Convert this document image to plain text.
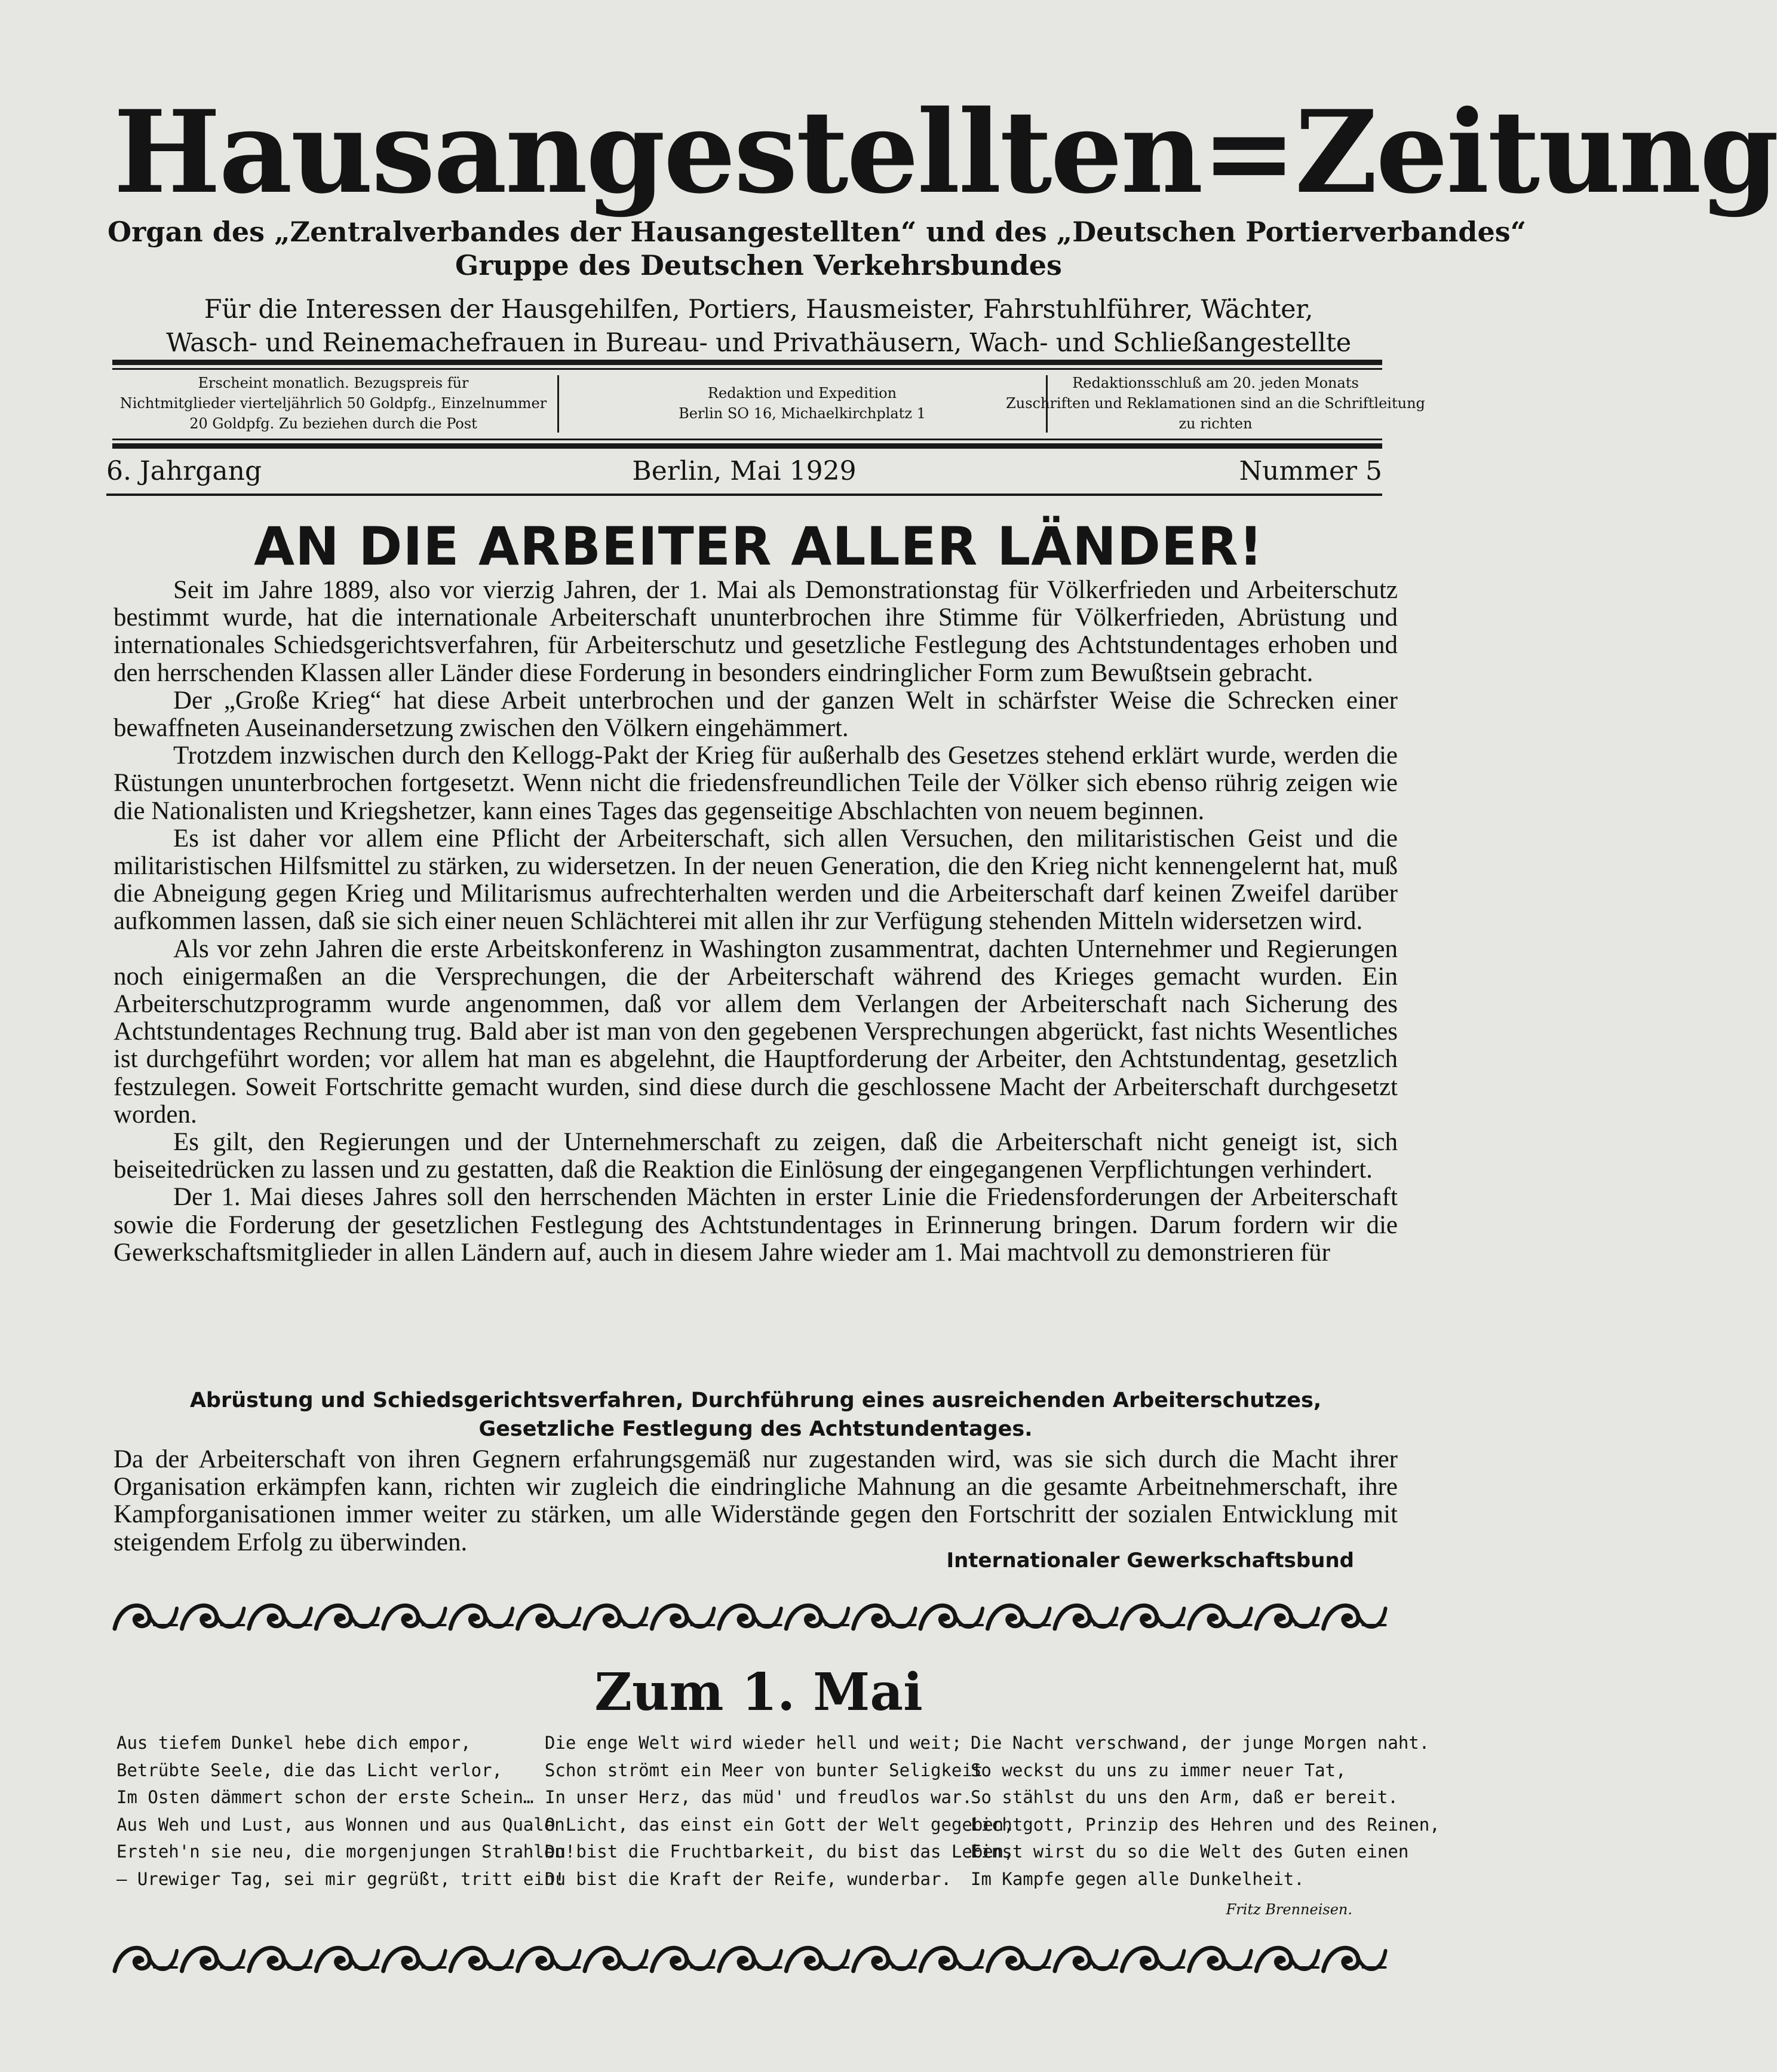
Hausangestellten=Zeitung
Organ des „Zentralverbandes der Hausangestellten“ und des „Deutschen Portierverbandes“
Gruppe des Deutschen Verkehrsbundes
Für die Interessen der Hausgehilfen, Portiers, Hausmeister, Fahrstuhlführer, Wächter,
Wasch- und Reinemachefrauen in Bureau- und Privathäusern, Wach- und Schließangestellte
Erscheint monatlich. Bezugspreis für
Nichtmitglieder vierteljährlich 50 Goldpfg., Einzelnummer
20 Goldpfg. Zu beziehen durch die Post
Redaktion und Expedition
Berlin SO 16, Michaelkirchplatz 1
Redaktionsschluß am 20. jeden Monats
Zuschriften und Reklamationen sind an die Schriftleitung
zu richten
6. Jahrgang	Berlin, Mai 1929	Nummer 5
AN DIE ARBEITER ALLER LÄNDER!

Seit im Jahre 1889, also vor vierzig Jahren, der 1. Mai als Demonstrationstag für Völkerfrieden und Arbeiterschutz bestimmt wurde, hat die internationale Arbeiterschaft ununterbrochen ihre Stimme für Völkerfrieden, Abrüstung und internationales Schiedsgerichtsverfahren, für Arbeiterschutz und gesetzliche Festlegung des Achtstundentages erhoben und den herrschenden Klassen aller Länder diese Forderung in besonders eindringlicher Form zum Bewußtsein gebracht.

Der „Große Krieg“ hat diese Arbeit unterbrochen und der ganzen Welt in schärfster Weise die Schrecken einer bewaffneten Auseinandersetzung zwischen den Völkern eingehämmert.

Trotzdem inzwischen durch den Kellogg-Pakt der Krieg für außerhalb des Gesetzes stehend erklärt wurde, werden die Rüstungen ununterbrochen fortgesetzt. Wenn nicht die friedensfreundlichen Teile der Völker sich ebenso rührig zeigen wie die Nationalisten und Kriegshetzer, kann eines Tages das gegenseitige Abschlachten von neuem beginnen.

Es ist daher vor allem eine Pflicht der Arbeiterschaft, sich allen Versuchen, den militaristischen Geist und die militaristischen Hilfsmittel zu stärken, zu widersetzen. In der neuen Generation, die den Krieg nicht kennengelernt hat, muß die Abneigung gegen Krieg und Militarismus aufrechterhalten werden und die Arbeiterschaft darf keinen Zweifel darüber aufkommen lassen, daß sie sich einer neuen Schlächterei mit allen ihr zur Verfügung stehenden Mitteln widersetzen wird.

Als vor zehn Jahren die erste Arbeitskonferenz in Washington zusammentrat, dachten Unternehmer und Regierungen noch einigermaßen an die Versprechungen, die der Arbeiterschaft während des Krieges gemacht wurden. Ein Arbeiterschutzprogramm wurde angenommen, daß vor allem dem Verlangen der Arbeiterschaft nach Sicherung des Achtstundentages Rechnung trug. Bald aber ist man von den gegebenen Versprechungen abgerückt, fast nichts Wesentliches ist durchgeführt worden; vor allem hat man es abgelehnt, die Hauptforderung der Arbeiter, den Achtstundentag, gesetzlich festzulegen. Soweit Fortschritte gemacht wurden, sind diese durch die geschlossene Macht der Arbeiterschaft durchgesetzt worden.

Es gilt, den Regierungen und der Unternehmerschaft zu zeigen, daß die Arbeiterschaft nicht geneigt ist, sich beiseitedrücken zu lassen und zu gestatten, daß die Reaktion die Einlösung der eingegangenen Verpflichtungen verhindert.

Der 1. Mai dieses Jahres soll den herrschenden Mächten in erster Linie die Friedensforderungen der Arbeiterschaft sowie die Forderung der gesetzlichen Festlegung des Achtstundentages in Erinnerung bringen. Darum fordern wir die Gewerkschaftsmitglieder in allen Ländern auf, auch in diesem Jahre wieder am 1. Mai machtvoll zu demonstrieren für

Abrüstung und Schiedsgerichtsverfahren, Durchführung eines ausreichenden Arbeiterschutzes,
Gesetzliche Festlegung des Achtstundentages.
Da der Arbeiterschaft von ihren Gegnern erfahrungsgemäß nur zugestanden wird, was sie sich durch die Macht ihrer Organisation erkämpfen kann, richten wir zugleich die eindringliche Mahnung an die gesamte Arbeitnehmerschaft, ihre Kampforganisationen immer weiter zu stärken, um alle Widerstände gegen den Fortschritt der sozialen Entwicklung mit steigendem Erfolg zu überwinden.
Internationaler Gewerkschaftsbund
Zum 1. Mai
Aus tiefem Dunkel hebe dich empor,
Betrübte Seele, die das Licht verlor,
Im Osten dämmert schon der erste Schein…
Aus Weh und Lust, aus Wonnen und aus Qualen
Ersteh'n sie neu, die morgenjungen Strahlen!
— Urewiger Tag, sei mir gegrüßt, tritt ein!
Die enge Welt wird wieder hell und weit;
Schon strömt ein Meer von bunter Seligkeit
In unser Herz, das müd' und freudlos war.
O Licht, das einst ein Gott der Welt gegeben,
Du bist die Fruchtbarkeit, du bist das Leben,
Du bist die Kraft der Reife, wunderbar.
Die Nacht verschwand, der junge Morgen naht.
So weckst du uns zu immer neuer Tat,
So stählst du uns den Arm, daß er bereit.
Lichtgott, Prinzip des Hehren und des Reinen,
Einst wirst du so die Welt des Guten einen
Im Kampfe gegen alle Dunkelheit.
Fritz Brenneisen.
